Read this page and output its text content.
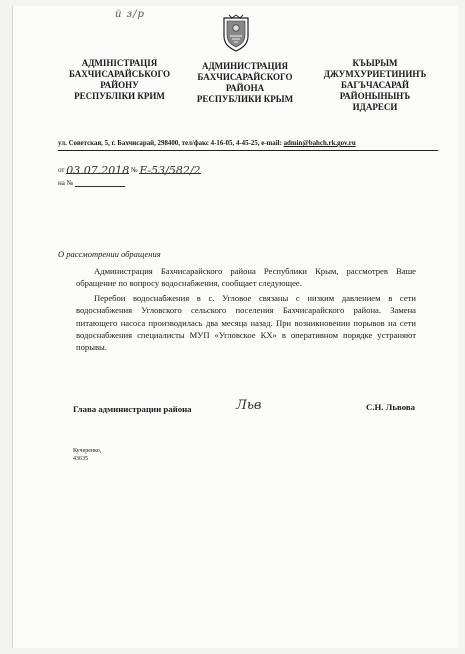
й з/р
АДМІНІСТРАЦІЯ
БАХЧИСАРАЙСЬКОГО
РАЙОНУ
РЕСПУБЛІКИ КРИМ
АДМИНИСТРАЦИЯ
БАХЧИСАРАЙСКОГО
РАЙОНА
РЕСПУБЛИКИ КРЫМ
КЪЫРЫМ
ДЖУМХУРИЕТИНИНЪ
БАГЪЧАСАРАЙ
РАЙОНЫНЫНЪ
ИДАРЕСИ
ул. Советская, 5, г. Бахчисарай, 298400, тел/факс 4-16-05, 4-45-25, e-mail: admin@bahch.rk.gov.ru
от 03.07.2018 № Е-53/582/2
на №
О рассмотрении обращения

Администрация Бахчисарайского района Республики Крым, рассмотрев Ваше обращение по вопросу водоснабжения, сообщает следующее.

Перебои водоснабжения в с. Угловое связаны с низким давлением в сети водоснабжения Угловского сельского поселения Бахчисарайского района. Замена питающего насоса производилась два месяца назад. При возникновении порывов на сети водоснабжения специалисты МУП «Угловское КХ» в оперативном порядке устраняют порывы.

Глава администрации района	Льв	С.Н. Львова
Кучеренко,
43635
